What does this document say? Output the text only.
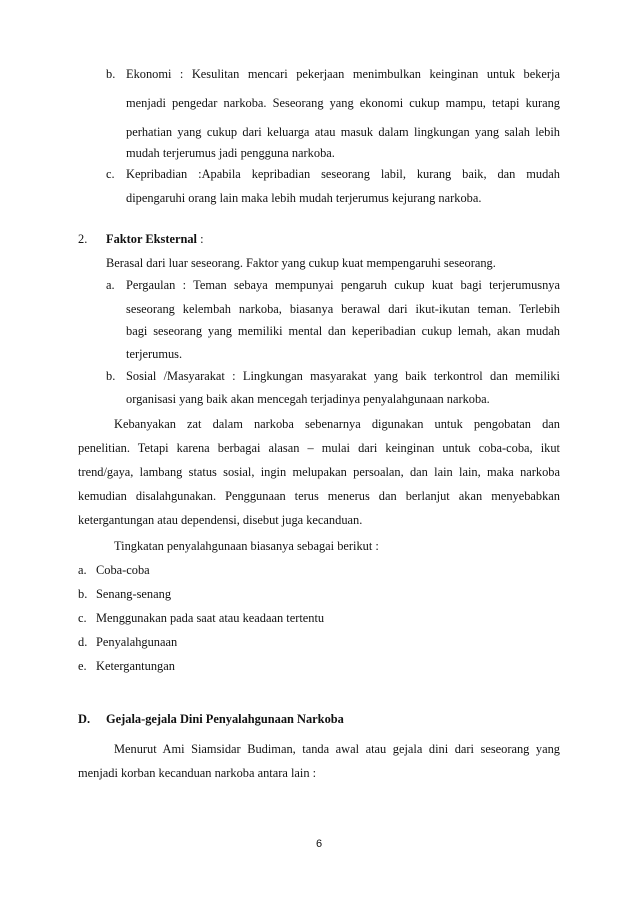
b. Ekonomi : Kesulitan mencari pekerjaan menimbulkan keinginan untuk bekerja
menjadi pengedar narkoba. Seseorang yang ekonomi cukup mampu, tetapi kurang
perhatian yang cukup dari keluarga atau masuk dalam lingkungan yang salah lebih
mudah terjerumus jadi pengguna narkoba.
c. Kepribadian :Apabila kepribadian seseorang labil, kurang baik, dan mudah
dipengaruhi orang lain maka lebih mudah terjerumus kejurang narkoba.
2. Faktor Eksternal :
Berasal dari luar seseorang. Faktor yang cukup kuat mempengaruhi seseorang.
a. Pergaulan : Teman sebaya mempunyai pengaruh cukup kuat bagi terjerumusnya
seseorang kelembah narkoba, biasanya berawal dari ikut-ikutan teman. Terlebih
bagi seseorang yang memiliki mental dan keperibadian cukup lemah, akan mudah
terjerumus.
b. Sosial /Masyarakat : Lingkungan masyarakat yang baik terkontrol dan memiliki
organisasi yang baik akan mencegah terjadinya penyalahgunaan narkoba.
Kebanyakan zat dalam narkoba sebenarnya digunakan untuk pengobatan dan
penelitian. Tetapi karena berbagai alasan – mulai dari keinginan untuk coba-coba, ikut
trend/gaya, lambang status sosial, ingin melupakan persoalan, dan lain lain, maka narkoba
kemudian disalahgunakan. Penggunaan terus menerus dan berlanjut akan menyebabkan
ketergantungan atau dependensi, disebut juga kecanduan.
Tingkatan penyalahgunaan biasanya sebagai berikut :
a. Coba-coba
b. Senang-senang
c. Menggunakan pada saat atau keadaan tertentu
d. Penyalahgunaan
e. Ketergantungan
D. Gejala-gejala Dini Penyalahgunaan Narkoba
Menurut Ami Siamsidar Budiman, tanda awal atau gejala dini dari seseorang yang
menjadi korban kecanduan narkoba antara lain :
6
